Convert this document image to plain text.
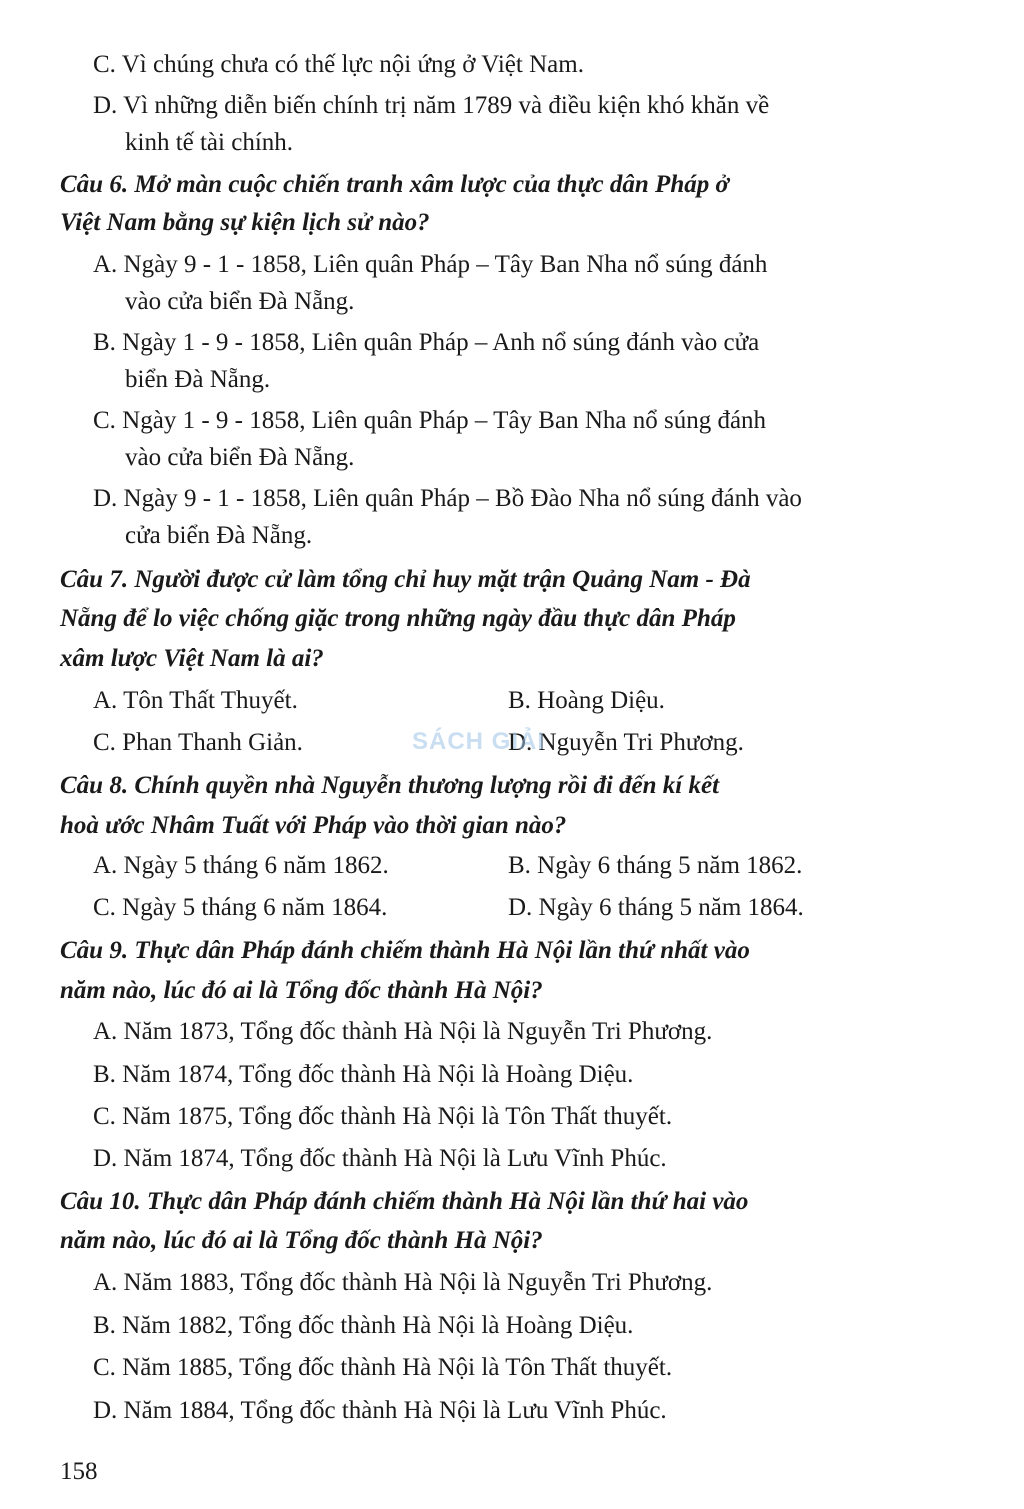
C. Vì chúng chưa có thế lực nội ứng ở Việt Nam.
D. Vì những diễn biến chính trị năm 1789 và điều kiện khó khăn về
kinh tế tài chính.
Câu 6. Mở màn cuộc chiến tranh xâm lược của thực dân Pháp ở
Việt Nam bằng sự kiện lịch sử nào?
A. Ngày 9 - 1 - 1858, Liên quân Pháp – Tây Ban Nha nổ súng đánh
vào cửa biển Đà Nẵng.
B. Ngày 1 - 9 - 1858, Liên quân Pháp – Anh nổ súng đánh vào cửa
biển Đà Nẵng.
C. Ngày 1 - 9 - 1858, Liên quân Pháp – Tây Ban Nha nổ súng đánh
vào cửa biển Đà Nẵng.
D. Ngày 9 - 1 - 1858, Liên quân Pháp – Bồ Đào Nha nổ súng đánh vào
cửa biển Đà Nẵng.
Câu 7. Người được cử làm tổng chỉ huy mặt trận Quảng Nam - Đà
Nẵng để lo việc chống giặc trong những ngày đầu thực dân Pháp
xâm lược Việt Nam là ai?
A. Tôn Thất Thuyết.	B. Hoàng Diệu.
C. Phan Thanh Giản.	D. Nguyễn Tri Phương.
Câu 8. Chính quyền nhà Nguyễn thương lượng rồi đi đến kí kết
hoà ước Nhâm Tuất với Pháp vào thời gian nào?
A. Ngày 5 tháng 6 năm 1862.	B. Ngày 6 tháng 5 năm 1862.
C. Ngày 5 tháng 6 năm 1864.	D. Ngày 6 tháng 5 năm 1864.
Câu 9. Thực dân Pháp đánh chiếm thành Hà Nội lần thứ nhất vào
năm nào, lúc đó ai là Tổng đốc thành Hà Nội?
A. Năm 1873, Tổng đốc thành Hà Nội là Nguyễn Tri Phương.
B. Năm 1874, Tổng đốc thành Hà Nội là Hoàng Diệu.
C. Năm 1875, Tổng đốc thành Hà Nội là Tôn Thất thuyết.
D. Năm 1874, Tổng đốc thành Hà Nội là Lưu Vĩnh Phúc.
Câu 10. Thực dân Pháp đánh chiếm thành Hà Nội lần thứ hai vào
năm nào, lúc đó ai là Tổng đốc thành Hà Nội?
A. Năm 1883, Tổng đốc thành Hà Nội là Nguyễn Tri Phương.
B. Năm 1882, Tổng đốc thành Hà Nội là Hoàng Diệu.
C. Năm 1885, Tổng đốc thành Hà Nội là Tôn Thất thuyết.
D. Năm 1884, Tổng đốc thành Hà Nội là Lưu Vĩnh Phúc.
SÁCH GIẢI
158
